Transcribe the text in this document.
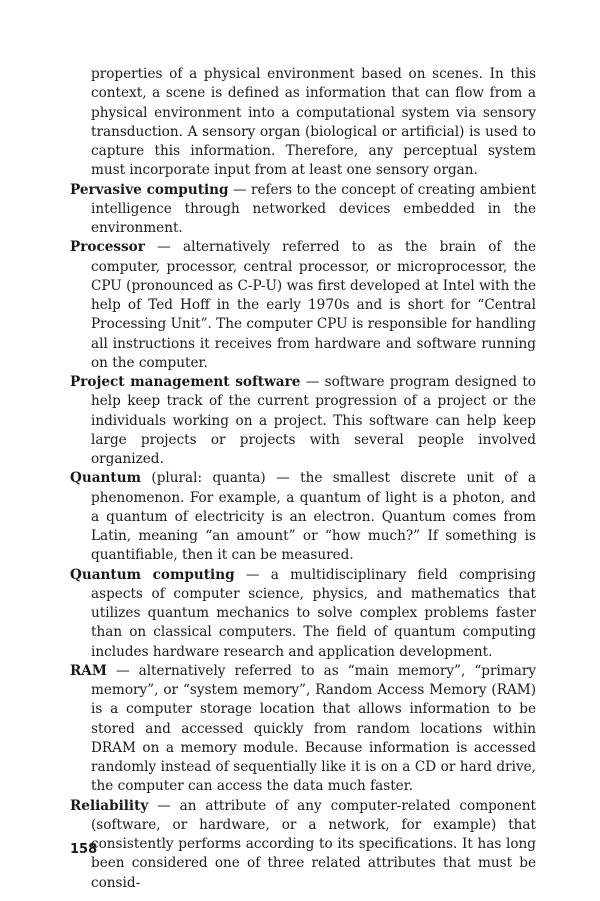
properties of a physical environment based on scenes. In this context, a scene is defined as information that can flow from a physical environment into a computational system via sensory transduction. A sensory organ (biological or artificial) is used to capture this information. Therefore, any perceptual system must incorporate input from at least one sensory organ.

Pervasive computing — refers to the concept of creating ambient intelligence through networked devices embedded in the environment.

Processor — alternatively referred to as the brain of the computer, processor, central processor, or microprocessor, the CPU (pronounced as C-P-U) was first developed at Intel with the help of Ted Hoff in the early 1970s and is short for “Central Processing Unit”. The computer CPU is responsible for handling all instructions it receives from hardware and software running on the computer.

Project management software — software program designed to help keep track of the current progression of a project or the individuals working on a project. This software can help keep large projects or projects with several people involved organized.

Quantum (plural: quanta) — the smallest discrete unit of a phenomenon. For example, a quantum of light is a photon, and a quantum of electricity is an electron. Quantum comes from Latin, meaning “an amount” or “how much?” If something is quantifiable, then it can be measured.

Quantum computing — a multidisciplinary field comprising aspects of computer science, physics, and mathematics that utilizes quantum mechanics to solve complex problems faster than on classical computers. The field of quantum computing includes hardware research and application development.

RAM — alternatively referred to as “main memory”, “primary memory”, or “system memory”, Random Access Memory (RAM) is a computer storage location that allows information to be stored and accessed quickly from random locations within DRAM on a memory module. Because information is accessed randomly instead of sequentially like it is on a CD or hard drive, the computer can access the data much faster.

Reliability — an attribute of any computer-related component (software, or hardware, or a network, for example) that consistently performs according to its specifications. It has long been considered one of three related attributes that must be consid-

158
